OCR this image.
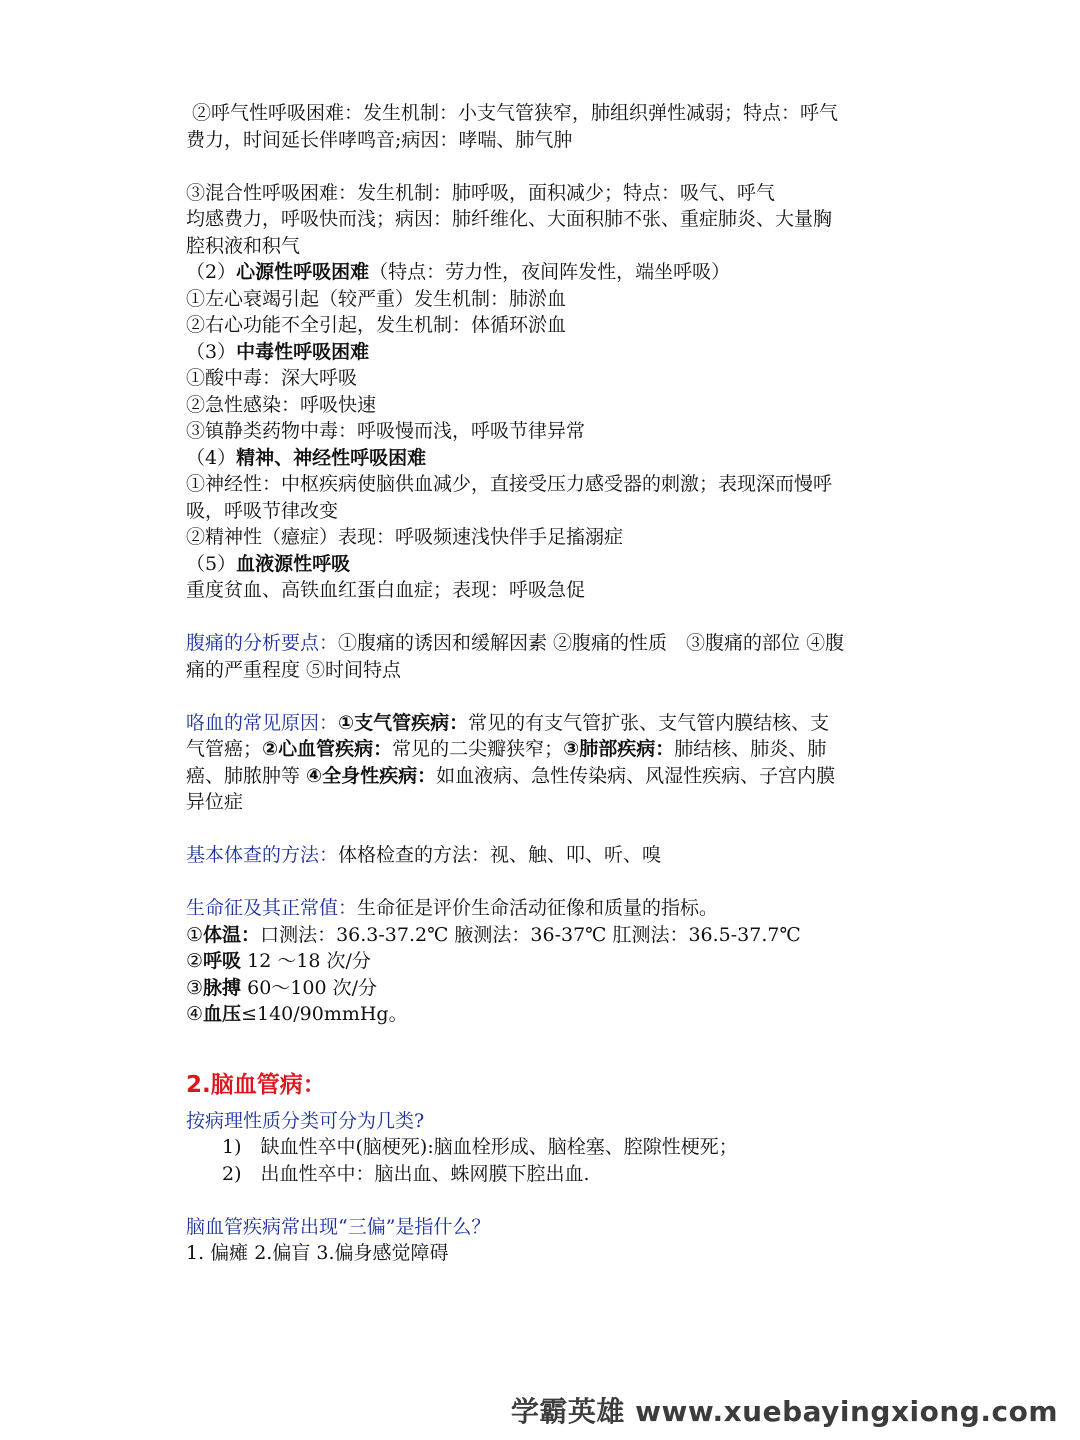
②呼气性呼吸困难：发生机制：小支气管狭窄，肺组织弹性减弱；特点：呼气

费力，时间延长伴哮鸣音;病因：哮喘、肺气肿

③混合性呼吸困难：发生机制：肺呼吸，面积减少；特点：吸气、呼气

均感费力，呼吸快而浅；病因：肺纤维化、大面积肺不张、重症肺炎、大量胸

腔积液和积气

（2）心源性呼吸困难（特点：劳力性，夜间阵发性，端坐呼吸）

①左心衰竭引起（较严重）发生机制：肺淤血

②右心功能不全引起，发生机制：体循环淤血

（3）中毒性呼吸困难

①酸中毒：深大呼吸

②急性感染：呼吸快速

③镇静类药物中毒：呼吸慢而浅，呼吸节律异常

（4）精神、神经性呼吸困难

①神经性：中枢疾病使脑供血减少，直接受压力感受器的刺激；表现深而慢呼

吸，呼吸节律改变

②精神性（癔症）表现：呼吸频速浅快伴手足搐溺症

（5）血液源性呼吸

重度贫血、高铁血红蛋白血症；表现：呼吸急促

腹痛的分析要点：①腹痛的诱因和缓解因素 ②腹痛的性质　③腹痛的部位 ④腹

痛的严重程度 ⑤时间特点

咯血的常见原因：①支气管疾病：常见的有支气管扩张、支气管内膜结核、支

气管癌；②心血管疾病：常见的二尖瓣狭窄；③肺部疾病：肺结核、肺炎、肺

癌、肺脓肿等 ④全身性疾病：如血液病、急性传染病、风湿性疾病、子宫内膜

异位症

基本体查的方法：体格检查的方法：视、触、叩、听、嗅

生命征及其正常值：生命征是评价生命活动征像和质量的指标。

①体温：口测法：36.3-37.2℃ 腋测法：36-37℃ 肛测法：36.5-37.7℃

②呼吸 12 ～18 次/分

③脉搏 60～100 次/分

④血压≤140/90mmHg。

2.脑血管病：

按病理性质分类可分为几类?

1)　缺血性卒中(脑梗死):脑血栓形成、脑栓塞、腔隙性梗死；

2)　出血性卒中：脑出血、蛛网膜下腔出血.

脑血管疾病常出现“三偏”是指什么？

1. 偏瘫 2.偏盲 3.偏身感觉障碍

学霸英雄 www.xuebayingxiong.com
